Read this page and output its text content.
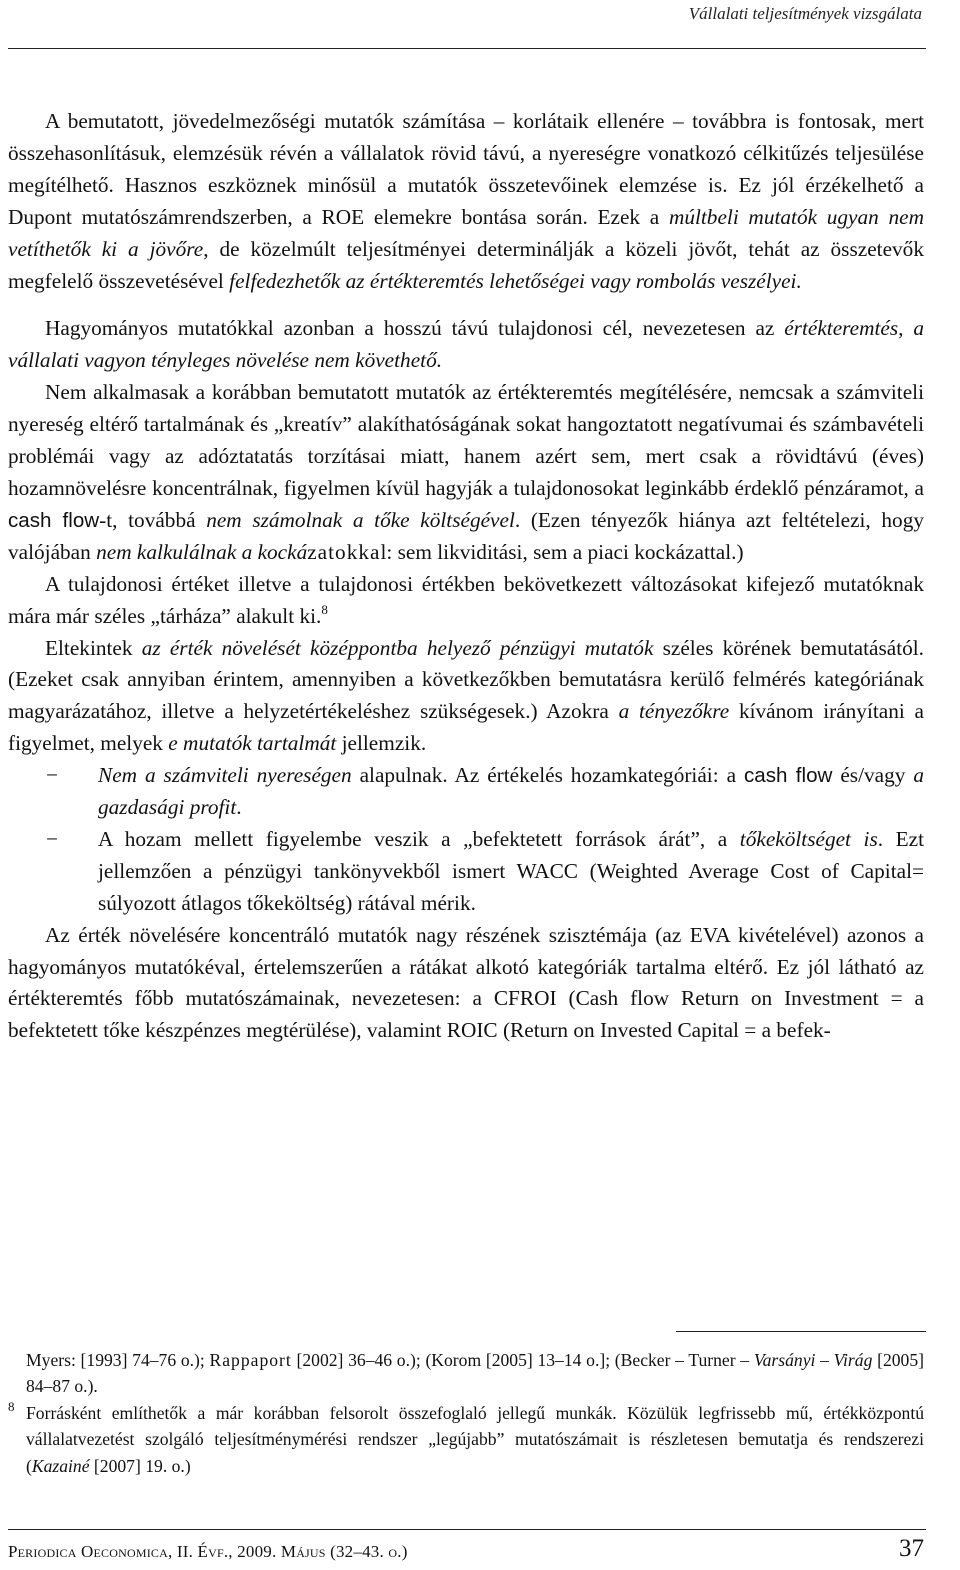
Vállalati teljesítmények vizsgálata

A bemutatott, jövedelmezőségi mutatók számítása – korlátaik ellenére – továbbra is fontosak, mert összehasonlításuk, elemzésük révén a vállalatok rövid távú, a nyereségre vonatkozó célkitűzés teljesülése megítélhető. Hasznos eszköznek minősül a mutatók összetevőinek elemzése is. Ez jól érzékelhető a Dupont mutatószámrendszerben, a ROE elemekre bontása során. Ezek a múltbeli mutatók ugyan nem vetíthetők ki a jövőre, de közelmúlt teljesítményei determinálják a közeli jövőt, tehát az összetevők megfelelő összevetésével felfedezhetők az értékteremtés lehetőségei vagy rombolás veszélyei.

Hagyományos mutatókkal azonban a hosszú távú tulajdonosi cél, nevezetesen az értékteremtés, a vállalati vagyon tényleges növelése nem követhető.

Nem alkalmasak a korábban bemutatott mutatók az értékteremtés megítélésére, nemcsak a számviteli nyereség eltérő tartalmának és „kreatív” alakíthatóságának sokat hangoztatott negatívumai és számbavételi problémái vagy az adóztatatás torzításai miatt, hanem azért sem, mert csak a rövidtávú (éves) hozamnövelésre koncentrálnak, figyelmen kívül hagyják a tulajdonosokat leginkább érdeklő pénzáramot, a cash flow-t, továbbá nem számolnak a tőke költségével. (Ezen tényezők hiánya azt feltételezi, hogy valójában nem kalkulálnak a kockázatokkal: sem likviditási, sem a piaci kockázattal.)

A tulajdonosi értéket illetve a tulajdonosi értékben bekövetkezett változásokat kifejező mutatóknak mára már széles „tárháza” alakult ki.$^8$

Eltekintek az érték növelését középpontba helyező pénzügyi mutatók széles körének bemutatásától. (Ezeket csak annyiban érintem, amennyiben a következőkben bemutatásra kerülő felmérés kategóriának magyarázatához, illetve a helyzetértékeléshez szükségesek.) Azokra a tényezőkre kívánom irányítani a figyelmet, melyek e mutatók tartalmát jellemzik.

− Nem a számviteli nyereségen alapulnak. Az értékelés hozamkategóriái: a cash flow és/vagy a gazdasági profit.
− A hozam mellett figyelembe veszik a „befektetett források árát”, a tőkeköltséget is. Ezt jellemzően a pénzügyi tankönyvekből ismert WACC (Weighted Average Cost of Capital= súlyozott átlagos tőkeköltség) rátával mérik.

Az érték növelésére koncentráló mutatók nagy részének szisztémája (az EVA kivételével) azonos a hagyományos mutatókéval, értelemszerűen a rátákat alkotó kategóriák tartalma eltérő. Ez jól látható az értékteremtés főbb mutatószámainak, nevezetesen: a CFROI (Cash flow Return on Investment = a befektetett tőke készpénzes megtérülése), valamint ROIC (Return on Invested Capital = a befek-

Myers: [1993] 74–76 o.); Rappaport [2002] 36–46 o.); (Korom [2005] 13–14 o.]; (Becker – Turner – Varsányi – Virág [2005] 84–87 o.).

8 Forrásként említhetők a már korábban felsorolt összefoglaló jellegű munkák. Közülük legfrissebb mű, értékközpontú vállalatvezetést szolgáló teljesítménymérési rendszer „legújabb” mutatószámait is részletesen bemutatja és rendszerezi (Kazainé [2007] 19. o.)

Periodica Oeconomica, II. Évf., 2009. Május (32–43. o.)	37
